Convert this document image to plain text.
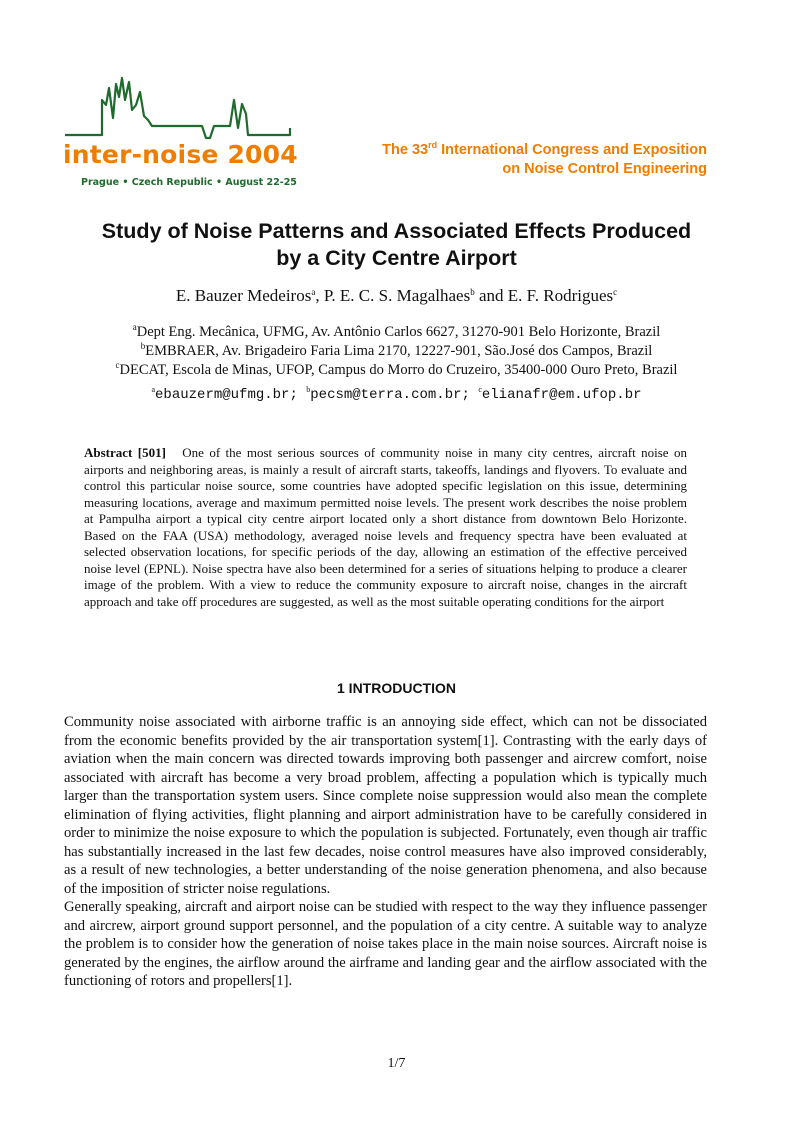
inter-noise 2004
Prague • Czech Republic • August 22-25
The 33rd International Congress and Exposition
on Noise Control Engineering
Study of Noise Patterns and Associated Effects Produced
by a City Centre Airport
E. Bauzer Medeiros$^a$, P. E. C. S. Magalhaes$^b$ and E. F. Rodrigues$^c$
$^a$Dept Eng. Mecânica, UFMG, Av. Antônio Carlos 6627, 31270-901 Belo Horizonte, Brazil
$^b$EMBRAER, Av. Brigadeiro Faria Lima 2170, 12227-901, São.José dos Campos, Brazil
$^c$DECAT, Escola de Minas, UFOP, Campus do Morro do Cruzeiro, 35400-000 Ouro Preto, Brazil
$^a$ebauzerm@ufmg.br; $^b$pecsm@terra.com.br; $^c$elianafr@em.ufop.br
Abstract [501] One of the most serious sources of community noise in many city centres, aircraft noise on airports and neighboring areas, is mainly a result of aircraft starts, takeoffs, landings and flyovers. To evaluate and control this particular noise source, some countries have adopted specific legislation on this issue, determining measuring locations, average and maximum permitted noise levels. The present work describes the noise problem at Pampulha airport a typical city centre airport located only a short distance from downtown Belo Horizonte. Based on the FAA (USA) methodology, averaged noise levels and frequency spectra have been evaluated at selected observation locations, for specific periods of the day, allowing an estimation of the effective perceived noise level (EPNL). Noise spectra have also been determined for a series of situations helping to produce a clearer image of the problem. With a view to reduce the community exposure to aircraft noise, changes in the aircraft approach and take off procedures are suggested, as well as the most suitable operating conditions for the airport
1 INTRODUCTION

Community noise associated with airborne traffic is an annoying side effect, which can not be dissociated from the economic benefits provided by the air transportation system[1]. Contrasting with the early days of aviation when the main concern was directed towards improving both passenger and aircrew comfort, noise associated with aircraft has become a very broad problem, affecting a population which is typically much larger than the transportation system users. Since complete noise suppression would also mean the complete elimination of flying activities, flight planning and airport administration have to be carefully considered in order to minimize the noise exposure to which the population is subjected. Fortunately, even though air traffic has substantially increased in the last few decades, noise control measures have also improved considerably, as a result of new technologies, a better understanding of the noise generation phenomena, and also because of the imposition of stricter noise regulations.

Generally speaking, aircraft and airport noise can be studied with respect to the way they influence passenger and aircrew, airport ground support personnel, and the population of a city centre. A suitable way to analyze the problem is to consider how the generation of noise takes place in the main noise sources. Aircraft noise is generated by the engines, the airflow around the airframe and landing gear and the airflow associated with the functioning of rotors and propellers[1].

1/7
